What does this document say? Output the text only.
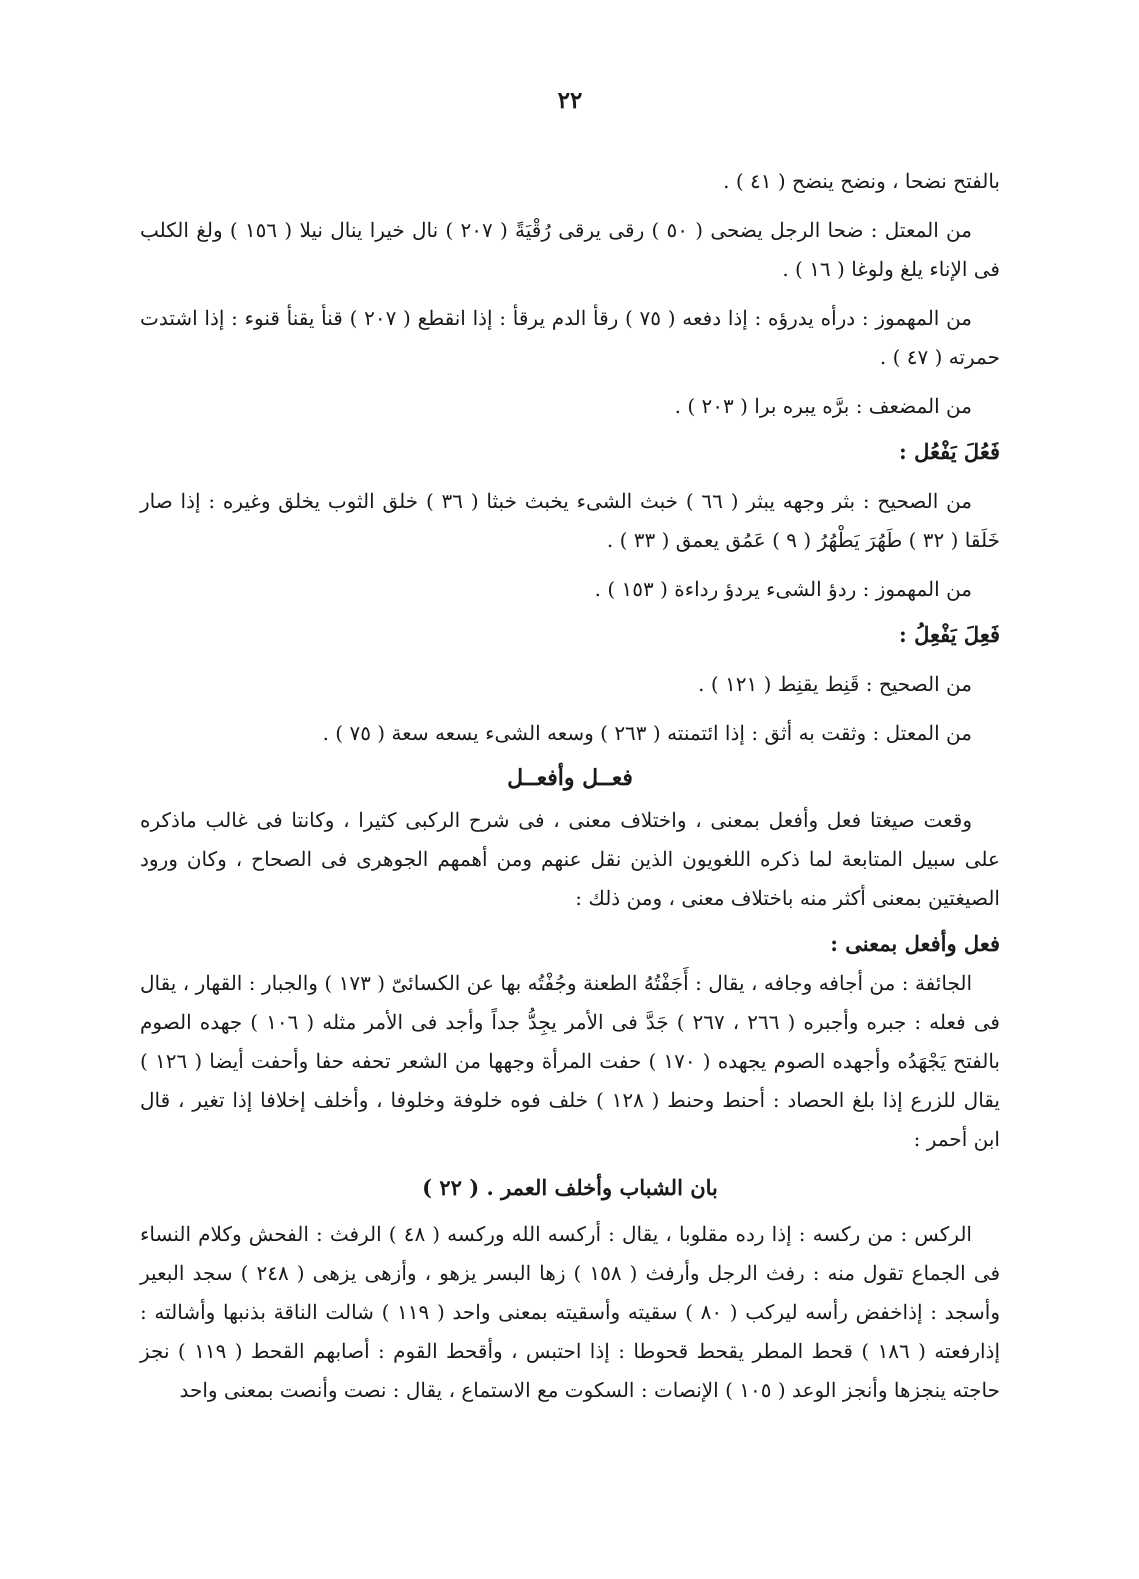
٢٢

بالفتح نضحا ، ونضح ينضح ( ٤١ ) .

من المعتل : ضحا الرجل يضحى ( ٥٠ ) رقى يرقى رُقْيَةً ( ٢٠٧ ) نال خيرا ينال نيلا ( ١٥٦ ) ولغ الكلب فى الإناء يلغ ولوغا ( ١٦ ) .

من المهموز : درأه يدرؤه : إذا دفعه ( ٧٥ ) رقأ الدم يرقأ : إذا انقطع ( ٢٠٧ ) قنأ يقنأ قنوء : إذا اشتدت حمرته ( ٤٧ ) .

من المضعف : برَّه يبره برا ( ٢٠٣ ) .

فَعُلَ يَفْعُل :

من الصحيح : بثر وجهه يبثر ( ٦٦ ) خبث الشىء يخبث خبثا ( ٣٦ ) خلق الثوب يخلق وغيره : إذا صار خَلَقا ( ٣٢ ) طَهُرَ يَطْهُرُ ( ٩ ) عَمُق يعمق ( ٣٣ ) .

من المهموز : ردؤ الشىء يردؤ رداءة ( ١٥٣ ) .

فَعِلَ يَفْعِلُ :

من الصحيح : قَنِط يقنِط ( ١٢١ ) .

من المعتل : وثقت به أثق : إذا ائتمنته ( ٢٦٣ ) وسعه الشىء يسعه سعة ( ٧٥ ) .

فعــل وأفعــل

وقعت صيغتا فعل وأفعل بمعنى ، واختلاف معنى ، فى شرح الركبى كثيرا ، وكانتا فى غالب ماذكره على سبيل المتابعة لما ذكره اللغويون الذين نقل عنهم ومن أهمهم الجوهرى فى الصحاح ، وكان ورود الصيغتين بمعنى أكثر منه باختلاف معنى ، ومن ذلك :

فعل وأفعل بمعنى :

الجائفة : من أجافه وجافه ، يقال : أَجَفْتُهُ الطعنة وجُفْتُه بها عن الكسائىّ ( ١٧٣ ) والجبار : القهار ، يقال فى فعله : جبره وأجبره ( ٢٦٦ ، ٢٦٧ ) جَدَّ فى الأمر يجِدُّ جداً وأجد فى الأمر مثله ( ١٠٦ ) جهده الصوم بالفتح يَجْهَدُه وأجهده الصوم يجهده ( ١٧٠ ) حفت المرأة وجهها من الشعر تحفه حفا وأحفت أيضا ( ١٢٦ ) يقال للزرع إذا بلغ الحصاد : أحنط وحنط ( ١٢٨ ) خلف فوه خلوفة وخلوفا ، وأخلف إخلافا إذا تغير ، قال ابن أحمر :

بان الشباب وأخلف العمر . ( ٢٢ )

الركس : من ركسه : إذا رده مقلوبا ، يقال : أركسه الله وركسه ( ٤٨ ) الرفث : الفحش وكلام النساء فى الجماع تقول منه : رفث الرجل وأرفث ( ١٥٨ ) زها البسر يزهو ، وأزهى يزهى ( ٢٤٨ ) سجد البعير وأسجد : إذاخفض رأسه ليركب ( ٨٠ ) سقيته وأسقيته بمعنى واحد ( ١١٩ ) شالت الناقة بذنبها وأشالته : إذارفعته ( ١٨٦ ) قحط المطر يقحط قحوطا : إذا احتبس ، وأقحط القوم : أصابهم القحط ( ١١٩ ) نجز حاجته ينجزها وأنجز الوعد ( ١٠٥ ) الإنصات : السكوت مع الاستماع ، يقال : نصت وأنصت بمعنى واحد
